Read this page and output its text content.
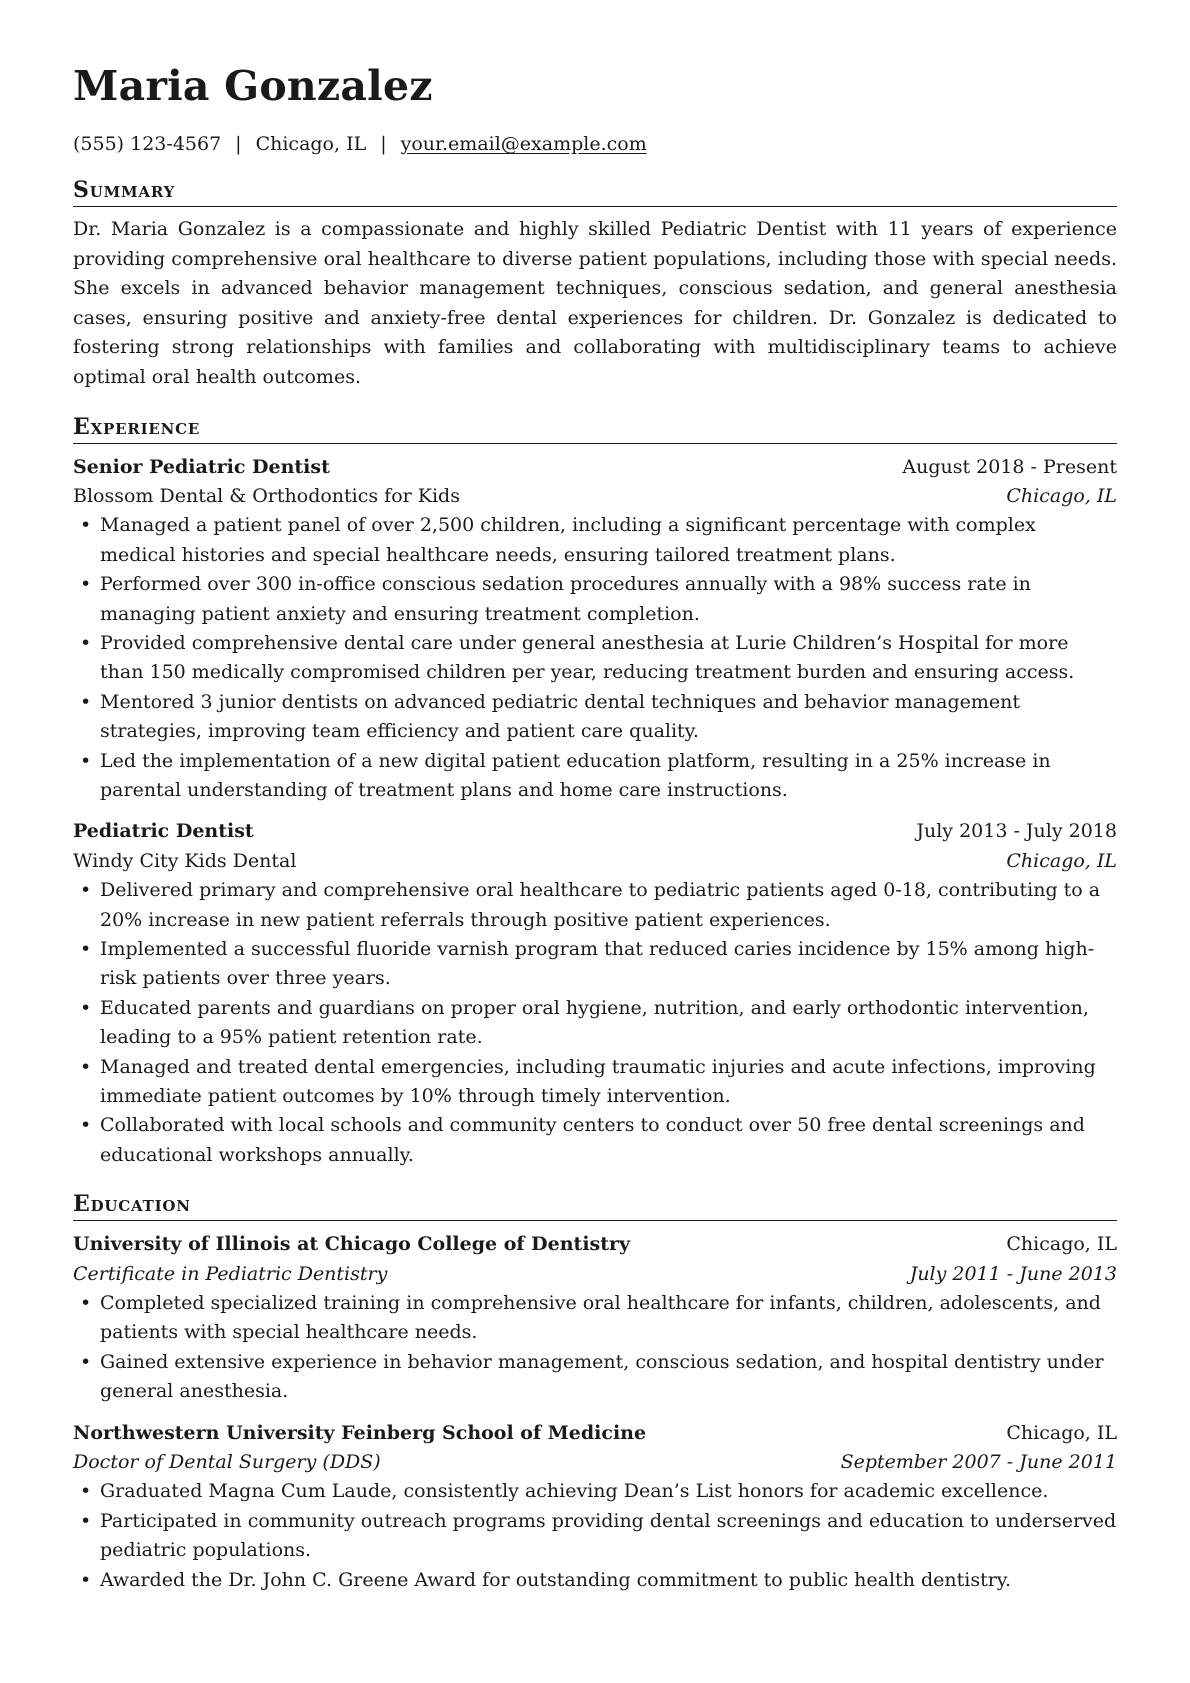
Maria Gonzalez
(555) 123-4567 | Chicago, IL | your.email@example.com
Summary
Dr. Maria Gonzalez is a compassionate and highly skilled Pediatric Dentist with 11 years of experience providing comprehensive oral healthcare to diverse patient populations, including those with special needs. She excels in advanced behavior management techniques, conscious sedation, and general anesthesia cases, ensuring positive and anxiety-free dental experiences for children. Dr. Gonzalez is dedicated to fostering strong relationships with families and collaborating with multidisciplinary teams to achieve optimal oral health outcomes.
Experience
Senior Pediatric Dentist	August 2018 - Present
Blossom Dental & Orthodontics for Kids	Chicago, IL
• Managed a patient panel of over 2,500 children, including a significant percentage with complex medical histories and special healthcare needs, ensuring tailored treatment plans.
• Performed over 300 in-office conscious sedation procedures annually with a 98% success rate in managing patient anxiety and ensuring treatment completion.
• Provided comprehensive dental care under general anesthesia at Lurie Children’s Hospital for more than 150 medically compromised children per year, reducing treatment burden and ensuring access.
• Mentored 3 junior dentists on advanced pediatric dental techniques and behavior management strategies, improving team efficiency and patient care quality.
• Led the implementation of a new digital patient education platform, resulting in a 25% increase in parental understanding of treatment plans and home care instructions.
Pediatric Dentist	July 2013 - July 2018
Windy City Kids Dental	Chicago, IL
• Delivered primary and comprehensive oral healthcare to pediatric patients aged 0-18, contributing to a 20% increase in new patient referrals through positive patient experiences.
• Implemented a successful fluoride varnish program that reduced caries incidence by 15% among high-risk patients over three years.
• Educated parents and guardians on proper oral hygiene, nutrition, and early orthodontic intervention, leading to a 95% patient retention rate.
• Managed and treated dental emergencies, including traumatic injuries and acute infections, improving immediate patient outcomes by 10% through timely intervention.
• Collaborated with local schools and community centers to conduct over 50 free dental screenings and educational workshops annually.
Education
University of Illinois at Chicago College of Dentistry	Chicago, IL
Certificate in Pediatric Dentistry	July 2011 - June 2013
• Completed specialized training in comprehensive oral healthcare for infants, children, adolescents, and patients with special healthcare needs.
• Gained extensive experience in behavior management, conscious sedation, and hospital dentistry under general anesthesia.
Northwestern University Feinberg School of Medicine	Chicago, IL
Doctor of Dental Surgery (DDS)	September 2007 - June 2011
• Graduated Magna Cum Laude, consistently achieving Dean’s List honors for academic excellence.
• Participated in community outreach programs providing dental screenings and education to underserved pediatric populations.
• Awarded the Dr. John C. Greene Award for outstanding commitment to public health dentistry.
